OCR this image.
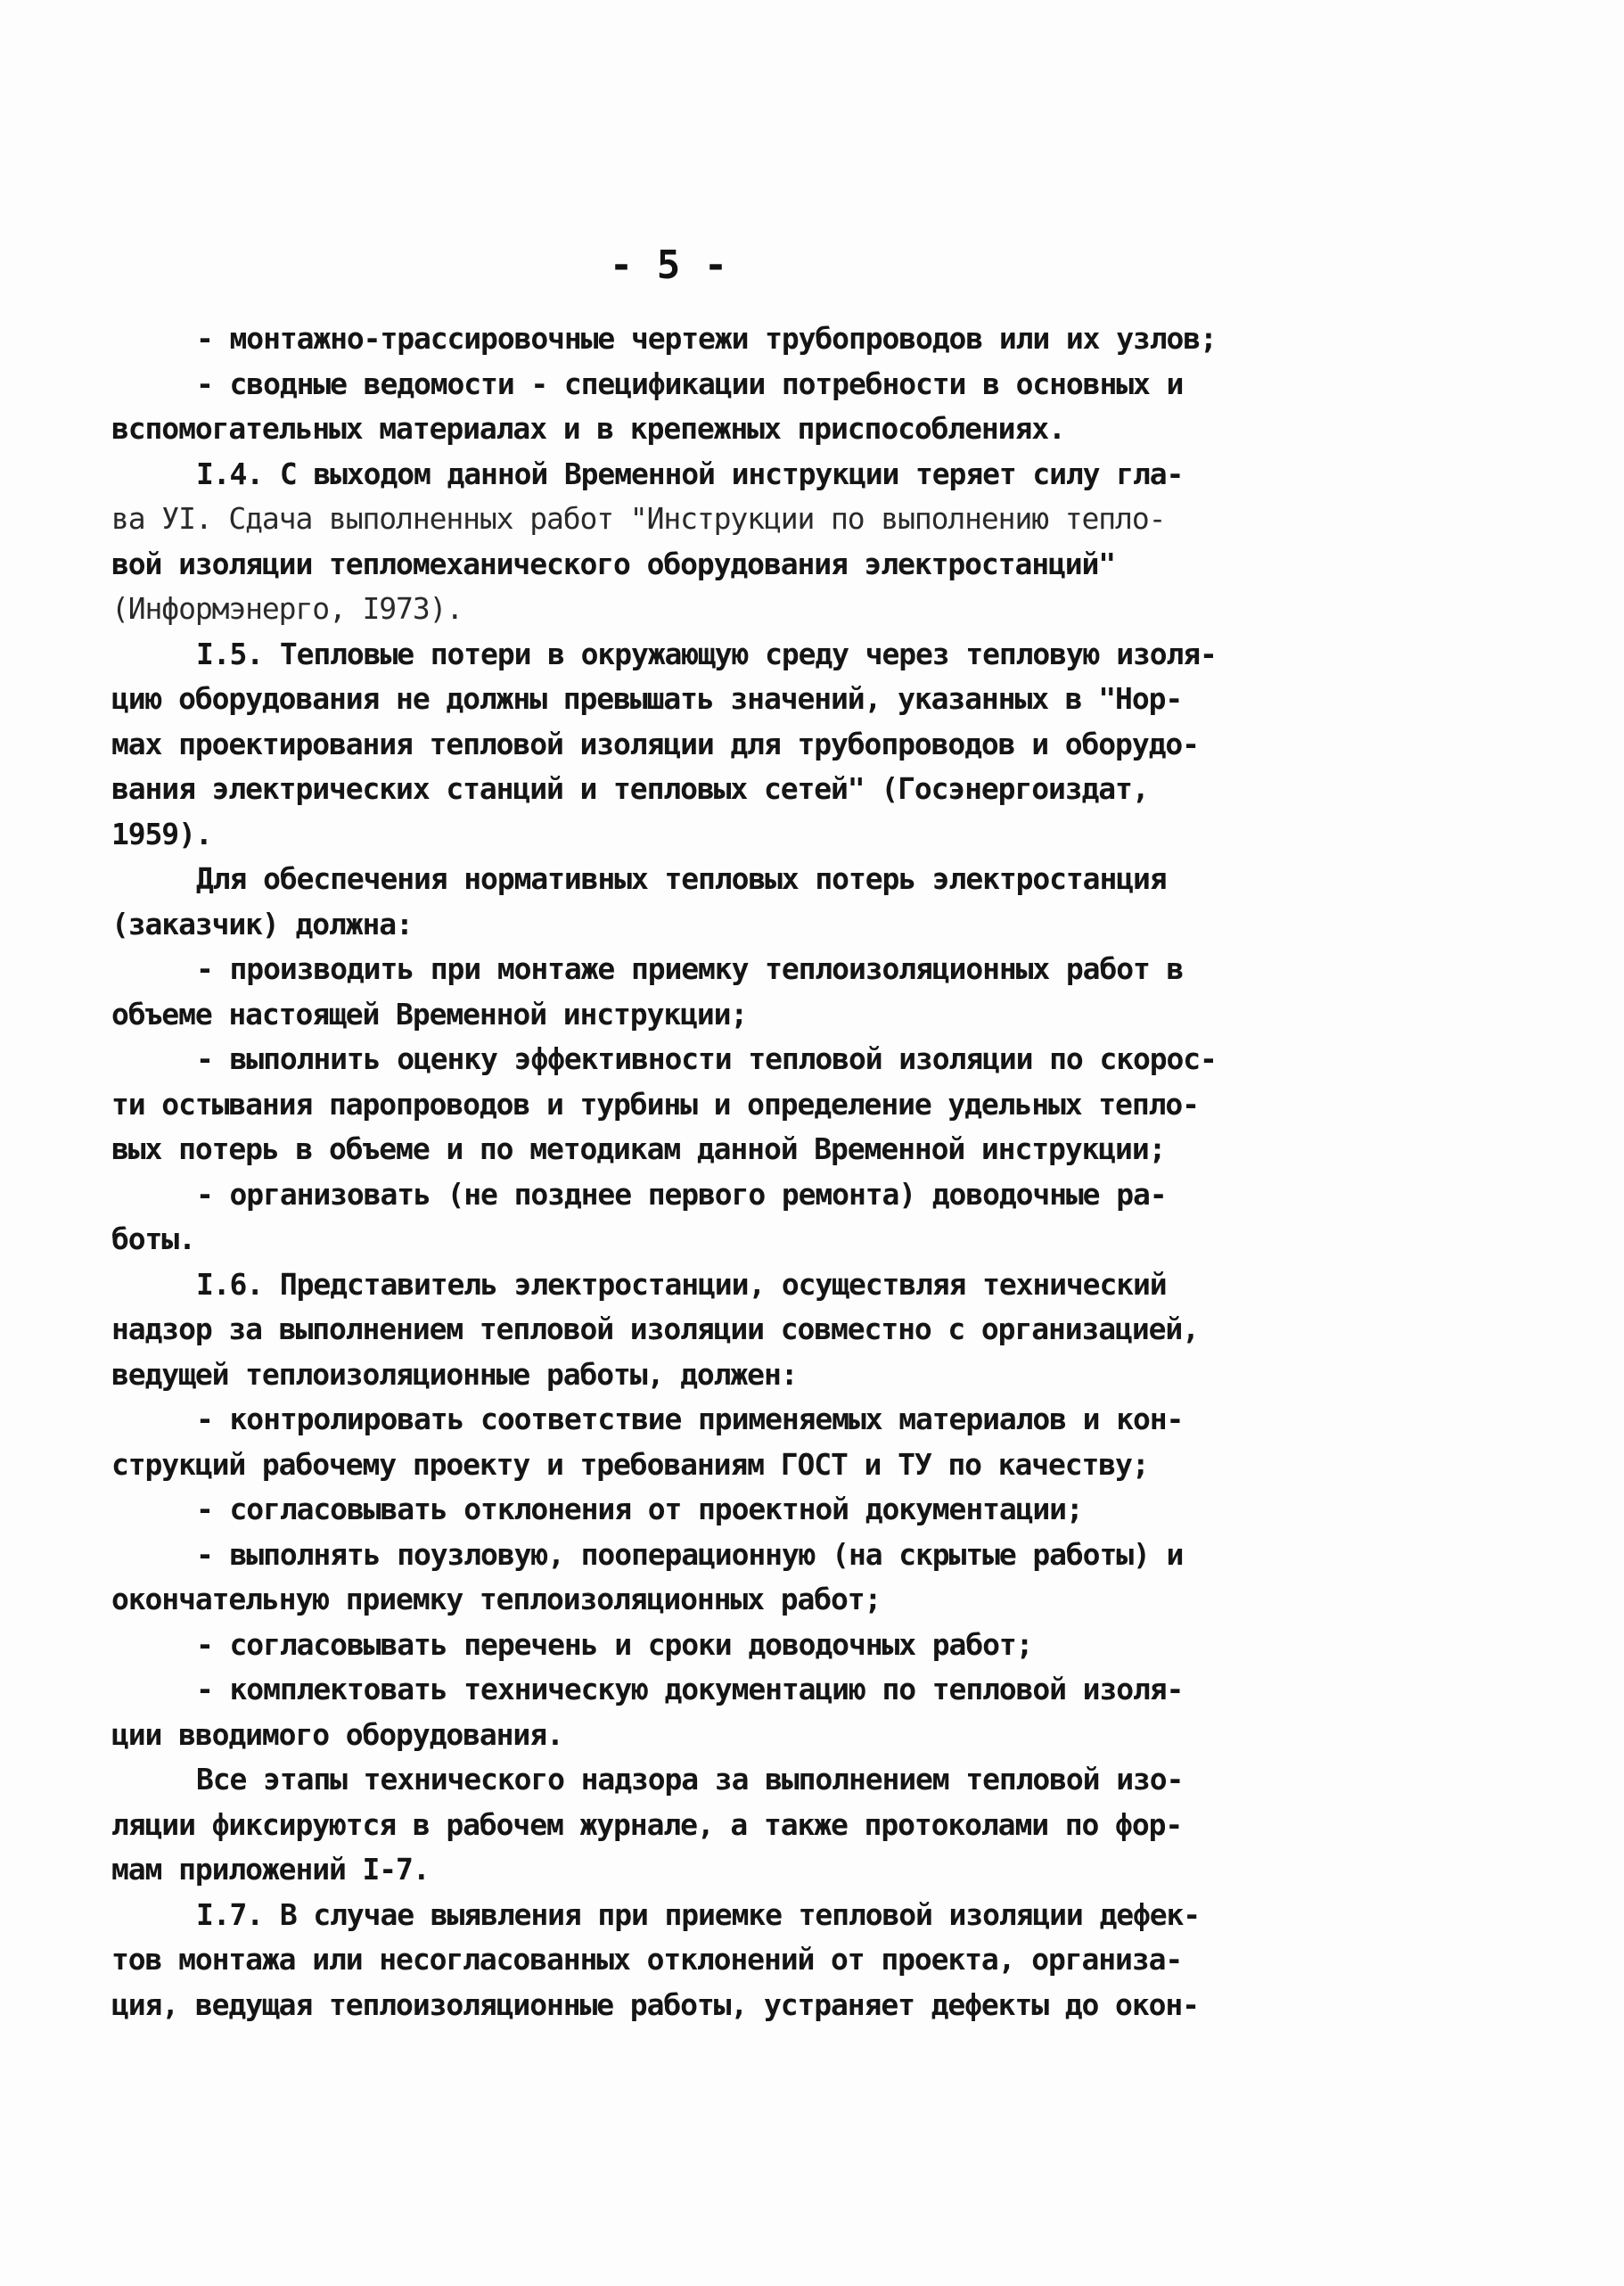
- 5 -
- монтажно-трассировочные чертежи трубопроводов или их узлов;
- сводные ведомости - спецификации потребности в основных и
вспомогательных материалах и в крепежных приспособлениях.
I.4. С выходом данной Временной инструкции теряет силу гла-
ва УI. Сдача выполненных работ "Инструкции по выполнению тепло-
вой изоляции тепломеханического оборудования электростанций"
(Информэнерго, I973).
I.5. Тепловые потери в окружающую среду через тепловую изоля-
цию оборудования не должны превышать значений, указанных в "Нор-
мах проектирования тепловой изоляции для трубопроводов и оборудо-
вания электрических станций и тепловых сетей" (Госэнергоиздат,
1959).
Для обеспечения нормативных тепловых потерь электростанция
(заказчик) должна:
- производить при монтаже приемку теплоизоляционных работ в
объеме настоящей Временной инструкции;
- выполнить оценку эффективности тепловой изоляции по скорос-
ти остывания паропроводов и турбины и определение удельных тепло-
вых потерь в объеме и по методикам данной Временной инструкции;
- организовать (не позднее первого ремонта) доводочные ра-
боты.
I.6. Представитель электростанции, осуществляя технический
надзор за выполнением тепловой изоляции совместно с организацией,
ведущей теплоизоляционные работы, должен:
- контролировать соответствие применяемых материалов и кон-
струкций рабочему проекту и требованиям ГОСТ и ТУ по качеству;
- согласовывать отклонения от проектной документации;
- выполнять поузловую, пооперационную (на скрытые работы) и
окончательную приемку теплоизоляционных работ;
- согласовывать перечень и сроки доводочных работ;
- комплектовать техническую документацию по тепловой изоля-
ции вводимого оборудования.
Все этапы технического надзора за выполнением тепловой изо-
ляции фиксируются в рабочем журнале, а также протоколами по фор-
мам приложений I-7.
I.7. В случае выявления при приемке тепловой изоляции дефек-
тов монтажа или несогласованных отклонений от проекта, организа-
ция, ведущая теплоизоляционные работы, устраняет дефекты до окон-
